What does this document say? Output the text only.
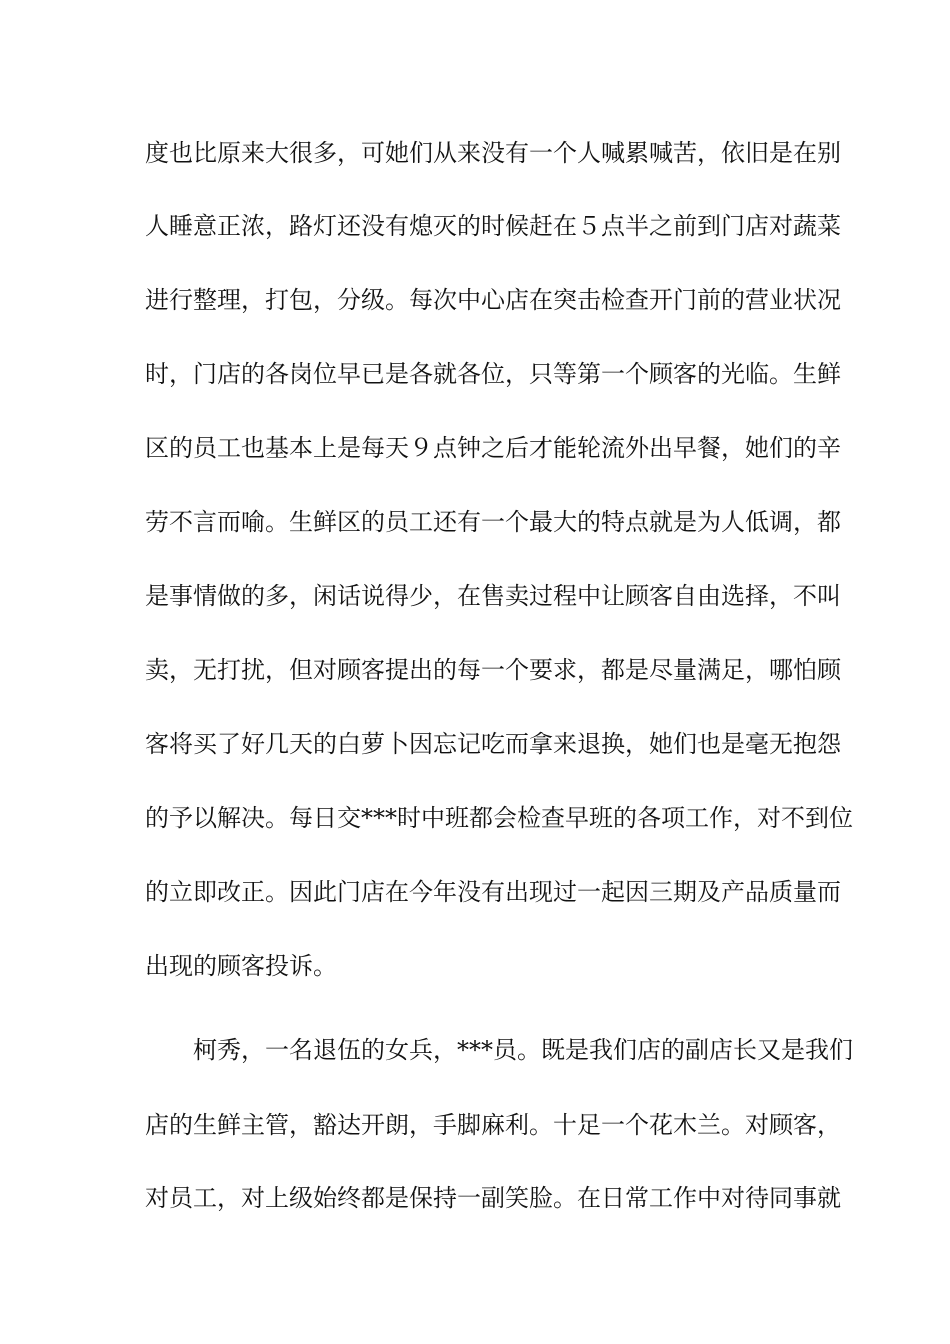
度也比原来大很多，可她们从来没有一个人喊累喊苦，依旧是在别
人睡意正浓，路灯还没有熄灭的时候赶在５点半之前到门店对蔬菜
进行整理，打包，分级。每次中心店在突击检查开门前的营业状况
时，门店的各岗位早已是各就各位，只等第一个顾客的光临。生鲜
区的员工也基本上是每天９点钟之后才能轮流外出早餐，她们的辛
劳不言而喻。生鲜区的员工还有一个最大的特点就是为人低调，都
是事情做的多，闲话说得少，在售卖过程中让顾客自由选择，不叫
卖，无打扰，但对顾客提出的每一个要求，都是尽量满足，哪怕顾
客将买了好几天的白萝卜因忘记吃而拿来退换，她们也是毫无抱怨
的予以解决。每日交***时中班都会检查早班的各项工作，对不到位
的立即改正。因此门店在今年没有出现过一起因三期及产品质量而
出现的顾客投诉。
柯秀，一名退伍的女兵，***员。既是我们店的副店长又是我们
店的生鲜主管，豁达开朗，手脚麻利。十足一个花木兰。对顾客，
对员工，对上级始终都是保持一副笑脸。在日常工作中对待同事就
